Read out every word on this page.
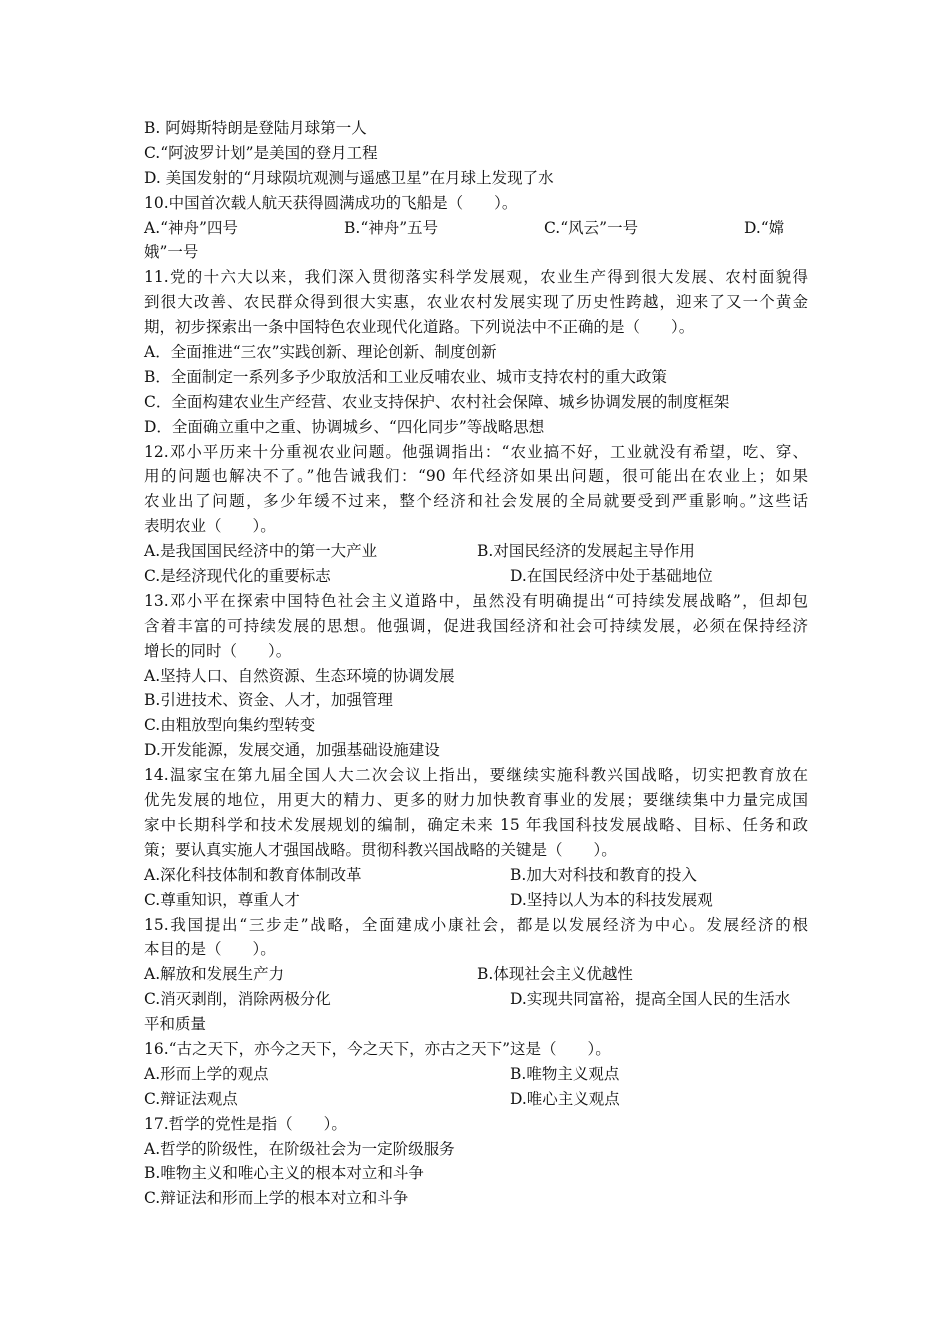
B. 阿姆斯特朗是登陆月球第一人
C.“阿波罗计划”是美国的登月工程
D. 美国发射的“月球陨坑观测与遥感卫星”在月球上发现了水
10.中国首次载人航天获得圆满成功的飞船是（　　）。
A.“神舟”四号	B.“神舟”五号	C.“风云”一号	D.“嫦
娥”一号
11.党的十六大以来，我们深入贯彻落实科学发展观，农业生产得到很大发展、农村面貌得
到很大改善、农民群众得到很大实惠，农业农村发展实现了历史性跨越，迎来了又一个黄金
期，初步探索出一条中国特色农业现代化道路。下列说法中不正确的是（　　）。
A．全面推进“三农”实践创新、理论创新、制度创新
B．全面制定一系列多予少取放活和工业反哺农业、城市支持农村的重大政策
C．全面构建农业生产经营、农业支持保护、农村社会保障、城乡协调发展的制度框架
D．全面确立重中之重、协调城乡、“四化同步”等战略思想
12.邓小平历来十分重视农业问题。他强调指出：“农业搞不好，工业就没有希望，吃、穿、
用的问题也解决不了。”他告诫我们：“90 年代经济如果出问题，很可能出在农业上；如果
农业出了问题，多少年缓不过来，整个经济和社会发展的全局就要受到严重影响。”这些话
表明农业（　　）。
A.是我国国民经济中的第一大产业	B.对国民经济的发展起主导作用
C.是经济现代化的重要标志	D.在国民经济中处于基础地位
13.邓小平在探索中国特色社会主义道路中，虽然没有明确提出“可持续发展战略”，但却包
含着丰富的可持续发展的思想。他强调，促进我国经济和社会可持续发展，必须在保持经济
增长的同时（　　）。
A.坚持人口、自然资源、生态环境的协调发展
B.引进技术、资金、人才，加强管理
C.由粗放型向集约型转变
D.开发能源，发展交通，加强基础设施建设
14.温家宝在第九届全国人大二次会议上指出，要继续实施科教兴国战略，切实把教育放在
优先发展的地位，用更大的精力、更多的财力加快教育事业的发展；要继续集中力量完成国
家中长期科学和技术发展规划的编制，确定未来 15 年我国科技发展战略、目标、任务和政
策；要认真实施人才强国战略。贯彻科教兴国战略的关键是（　　）。
A.深化科技体制和教育体制改革	B.加大对科技和教育的投入
C.尊重知识，尊重人才	D.坚持以人为本的科技发展观
15.我国提出“三步走”战略，全面建成小康社会，都是以发展经济为中心。发展经济的根
本目的是（　　）。
A.解放和发展生产力	B.体现社会主义优越性
C.消灭剥削，消除两极分化	D.实现共同富裕，提高全国人民的生活水
平和质量
16.“古之天下，亦今之天下，今之天下，亦古之天下”这是（　　）。
A.形而上学的观点	B.唯物主义观点
C.辩证法观点	D.唯心主义观点
17.哲学的党性是指（　　）。
A.哲学的阶级性，在阶级社会为一定阶级服务
B.唯物主义和唯心主义的根本对立和斗争
C.辩证法和形而上学的根本对立和斗争
